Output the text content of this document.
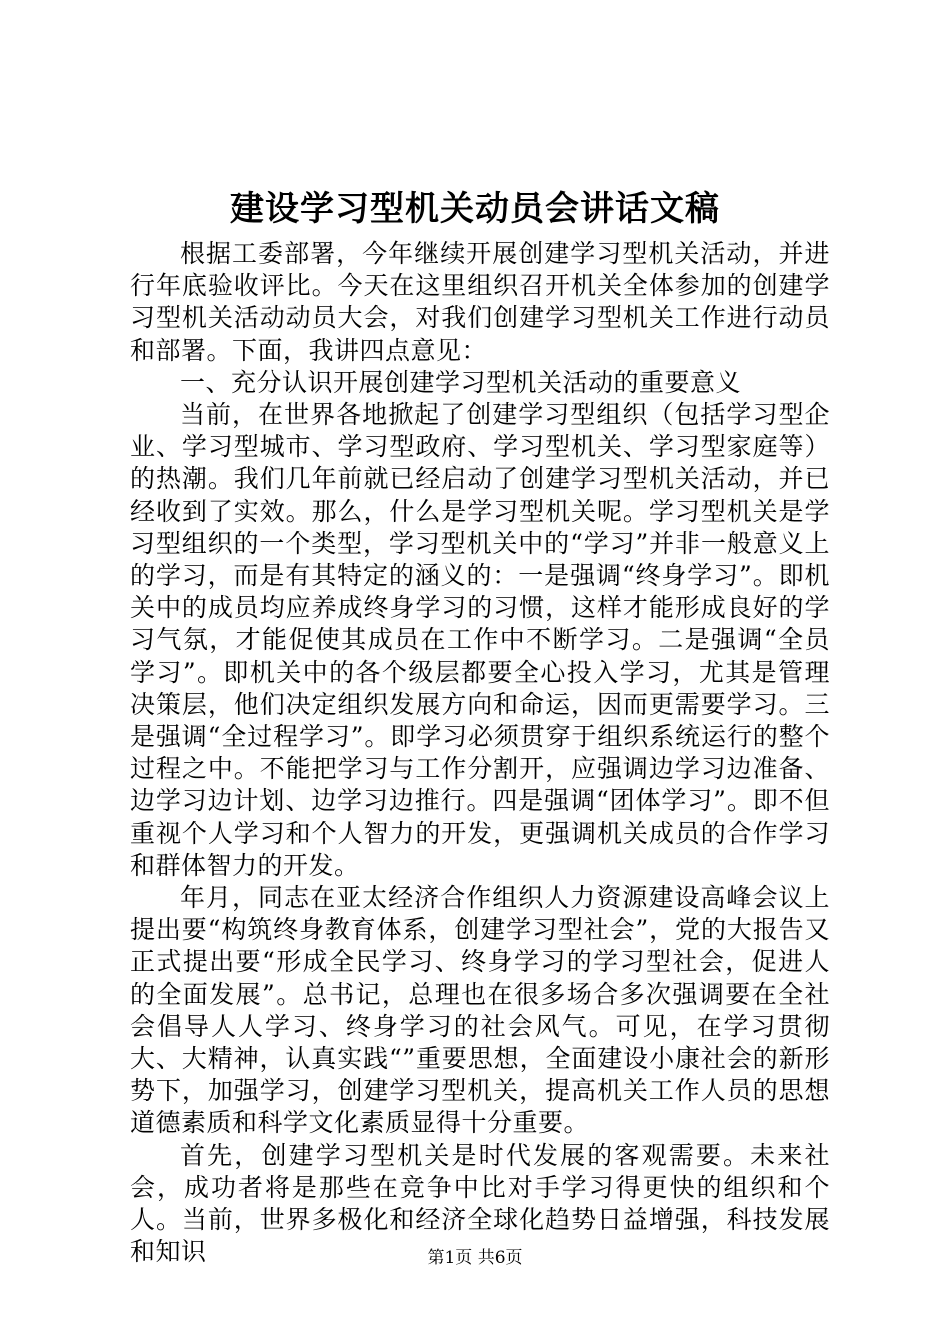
建设学习型机关动员会讲话文稿

根据工委部署，今年继续开展创建学习型机关活动，并进行年底验收评比。今天在这里组织召开机关全体参加的创建学习型机关活动动员大会，对我们创建学习型机关工作进行动员和部署。下面，我讲四点意见：

一、充分认识开展创建学习型机关活动的重要意义

当前，在世界各地掀起了创建学习型组织（包括学习型企业、学习型城市、学习型政府、学习型机关、学习型家庭等）的热潮。我们几年前就已经启动了创建学习型机关活动，并已经收到了实效。那么，什么是学习型机关呢。学习型机关是学习型组织的一个类型，学习型机关中的“学习”并非一般意义上的学习，而是有其特定的涵义的：一是强调“终身学习”。即机关中的成员均应养成终身学习的习惯，这样才能形成良好的学习气氛，才能促使其成员在工作中不断学习。二是强调“全员学习”。即机关中的各个级层都要全心投入学习，尤其是管理决策层，他们决定组织发展方向和命运，因而更需要学习。三是强调“全过程学习”。即学习必须贯穿于组织系统运行的整个过程之中。不能把学习与工作分割开，应强调边学习边准备、边学习边计划、边学习边推行。四是强调“团体学习”。即不但重视个人学习和个人智力的开发，更强调机关成员的合作学习和群体智力的开发。

年月，同志在亚太经济合作组织人力资源建设高峰会议上提出要“构筑终身教育体系，创建学习型社会”，党的大报告又正式提出要“形成全民学习、终身学习的学习型社会，促进人的全面发展”。总书记，总理也在很多场合多次强调要在全社会倡导人人学习、终身学习的社会风气。可见，在学习贯彻大、大精神，认真实践“”重要思想，全面建设小康社会的新形势下，加强学习，创建学习型机关，提高机关工作人员的思想道德素质和科学文化素质显得十分重要。

首先，创建学习型机关是时代发展的客观需要。未来社会，成功者将是那些在竞争中比对手学习得更快的组织和个人。当前，世界多极化和经济全球化趋势日益增强，科技发展和知识	第1页 共6页
